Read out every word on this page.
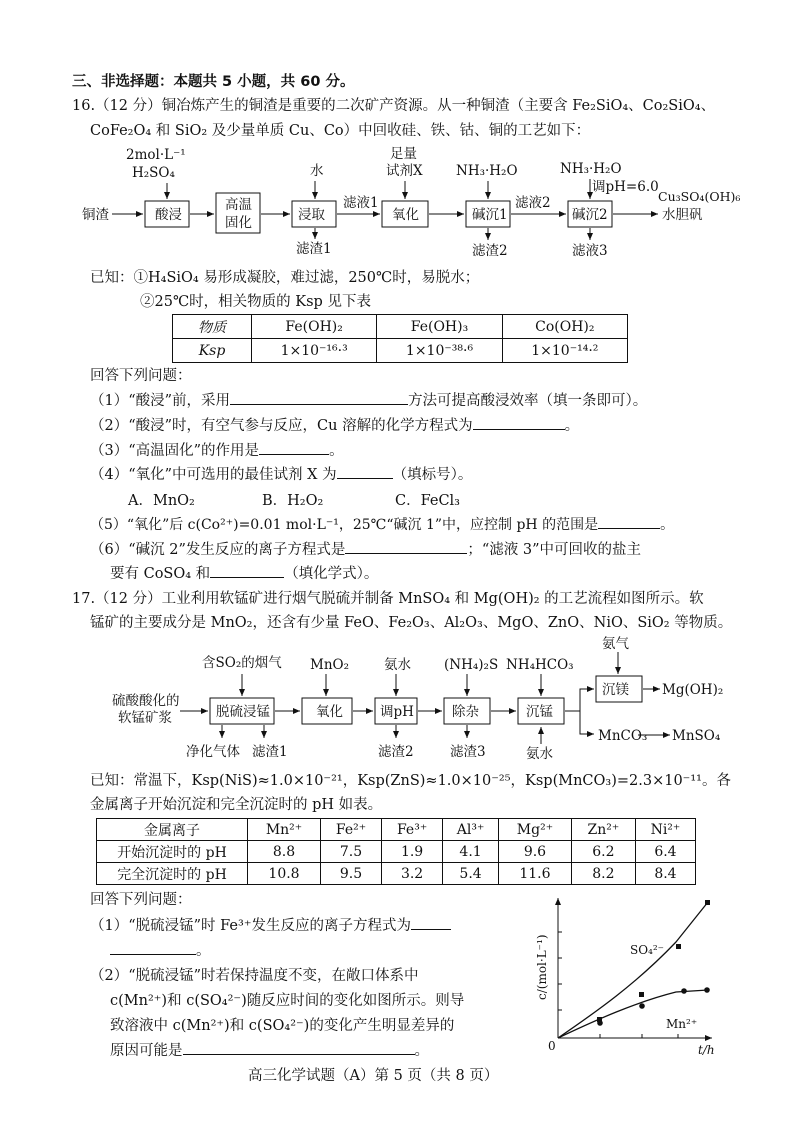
三、非选择题：本题共 5 小题，共 60 分。
16.（12 分）铜冶炼产生的铜渣是重要的二次矿产资源。从一种铜渣（主要含 Fe₂SiO₄、Co₂SiO₄、
CoFe₂O₄ 和 SiO₂ 及少量单质 Cu、Co）中回收硅、铁、钴、铜的工艺如下：
铜渣
2mol·L⁻¹
H₂SO₄
酸浸
高温
固化
水
浸取
滤液1
滤渣1
足量
试剂X
氧化
NH₃·H₂O
碱沉1
滤渣2
滤液2
NH₃·H₂O
调pH=6.0
碱沉2
滤液3
Cu₃SO₄(OH)₆
水胆矾
已知：①H₄SiO₄ 易形成凝胶，难过滤，250℃时，易脱水；
②25℃时，相关物质的 Ksp 见下表
物质	Fe(OH)₂	Fe(OH)₃	Co(OH)₂
Ksp	1×10⁻¹⁶·³	1×10⁻³⁸·⁶	1×10⁻¹⁴·²
回答下列问题：
（1）“酸浸”前，采用	方法可提高酸浸效率（填一条即可）。
（2）“酸浸”时，有空气参与反应，Cu 溶解的化学方程式为	。
（3）“高温固化”的作用是	。
（4）“氧化”中可选用的最佳试剂 X 为	（填标号）。
A．MnO₂	B．H₂O₂	C．FeCl₃
（5）“氧化”后 c(Co²⁺)=0.01 mol·L⁻¹，25℃“碱沉 1”中，应控制 pH 的范围是	。
（6）“碱沉 2”发生反应的离子方程式是	；“滤液 3”中可回收的盐主
要有 CoSO₄ 和	（填化学式）。
17.（12 分）工业利用软锰矿进行烟气脱硫并制备 MnSO₄ 和 Mg(OH)₂ 的工艺流程如图所示。软
锰矿的主要成分是 MnO₂，还含有少量 FeO、Fe₂O₃、Al₂O₃、MgO、ZnO、NiO、SiO₂ 等物质。
硫酸酸化的
软锰矿浆
含SO₂的烟气
脱硫浸锰
净化气体 滤渣1
MnO₂
氧化
氨水
调pH
滤渣2
(NH₄)₂S
除杂
滤渣3
NH₄HCO₃
沉锰
氨水
氨气
沉镁 Mg(OH)₂
MnCO₃ MnSO₄
已知：常温下，Ksp(NiS)≈1.0×10⁻²¹，Ksp(ZnS)≈1.0×10⁻²⁵，Ksp(MnCO₃)=2.3×10⁻¹¹。各
金属离子开始沉淀和完全沉淀时的 pH 如表。
金属离子	Mn²⁺	Fe²⁺	Fe³⁺	Al³⁺	Mg²⁺	Zn²⁺	Ni²⁺
开始沉淀时的 pH	8.8	7.5	1.9	4.1	9.6	6.2	6.4
完全沉淀时的 pH	10.8	9.5	3.2	5.4	11.6	8.2	8.4
回答下列问题：
（1）“脱硫浸锰”时 Fe³⁺发生反应的离子方程式为
。
（2）“脱硫浸锰”时若保持温度不变，在敞口体系中
c(Mn²⁺)和 c(SO₄²⁻)随反应时间的变化如图所示。则导
致溶液中 c(Mn²⁺)和 c(SO₄²⁻)的变化产生明显差异的
原因可能是	。
c/(mol·L⁻¹)
t/h
0
SO₄²⁻
Mn²⁺
高三化学试题（A）第 5 页（共 8 页）
